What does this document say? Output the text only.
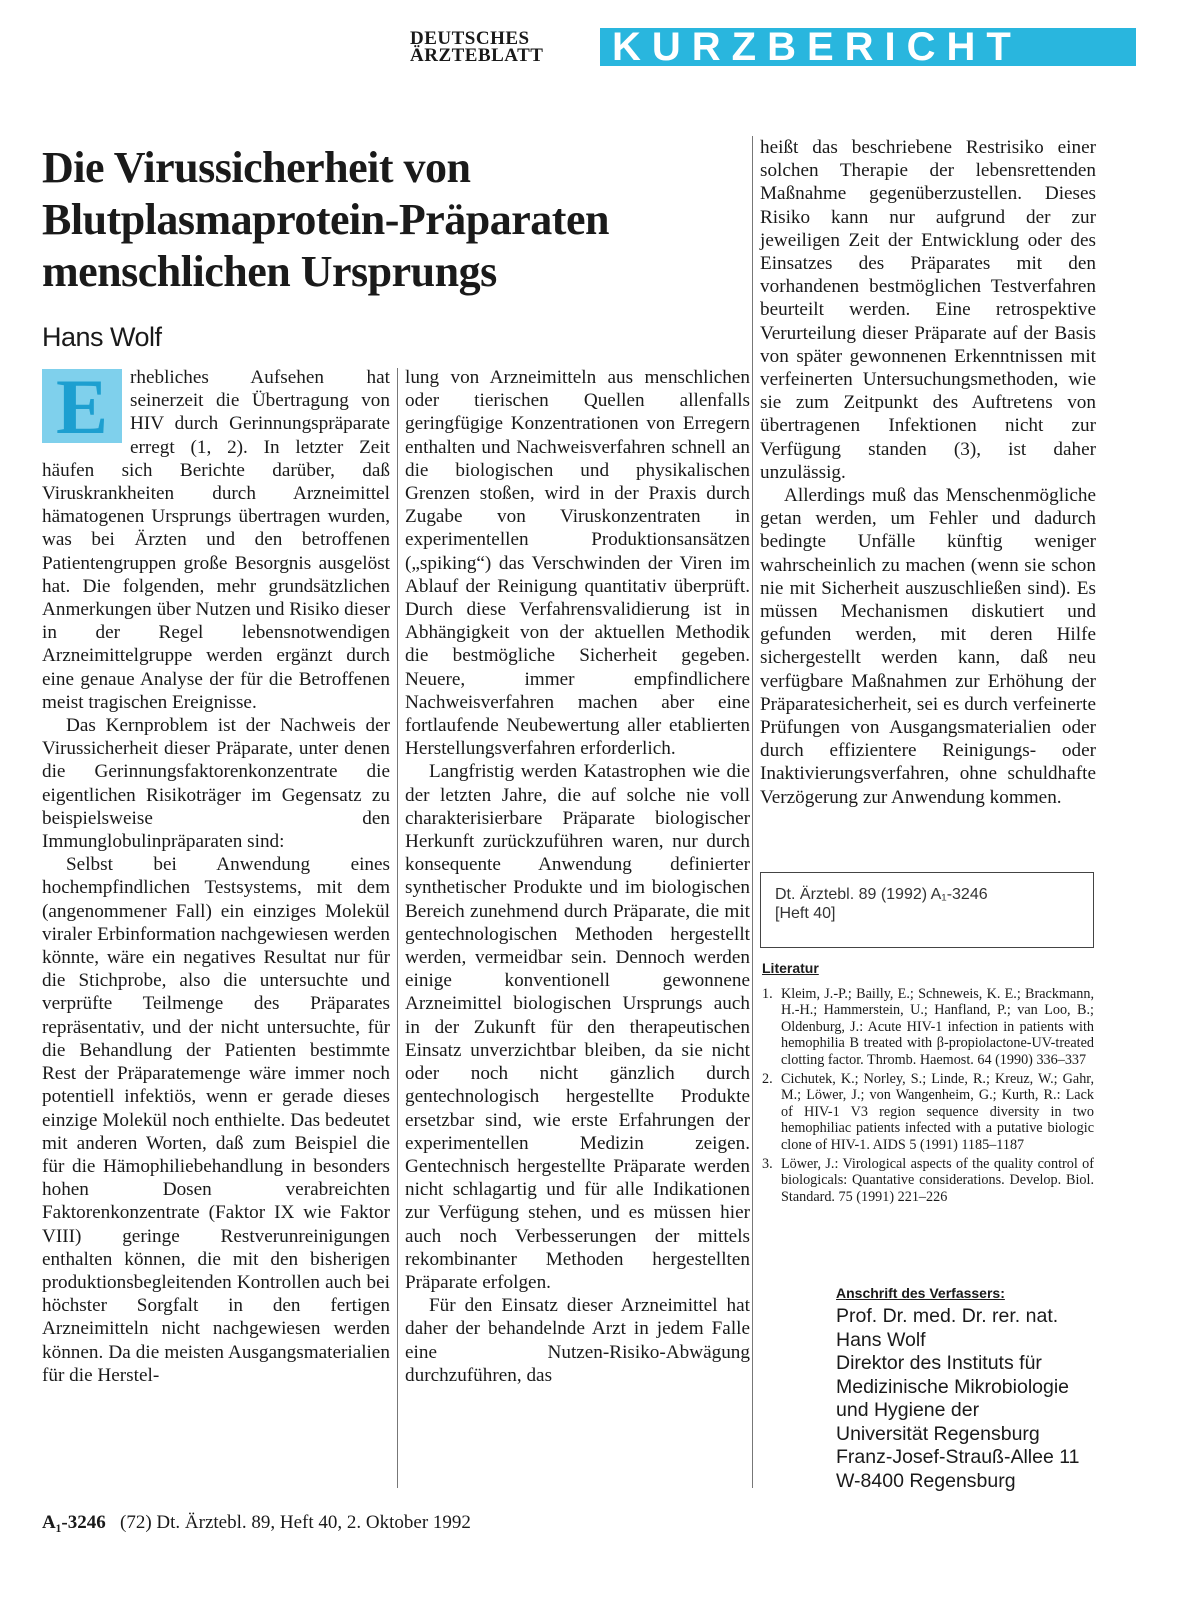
DEUTSCHES
ÄRZTEBLATT	KURZBERICHT
Die Virussicherheit von
Blutplasmaprotein-Präparaten
menschlichen Ursprungs
Hans Wolf

E	rhebliches Aufsehen hat seinerzeit die Übertragung von HIV durch Gerinnungspräparate erregt (1, 2). In letzter Zeit häufen sich Berichte darüber, daß Viruskrankheiten durch Arzneimittel hämatogenen Ursprungs übertragen wurden, was bei Ärzten und den betroffenen Patientengruppen große Besorgnis ausgelöst hat. Die folgenden, mehr grundsätzlichen Anmerkungen über Nutzen und Risiko dieser in der Regel lebensnotwendigen Arzneimittelgruppe werden ergänzt durch eine genaue Analyse der für die Betroffenen meist tragischen Ereignisse.

Das Kernproblem ist der Nachweis der Virussicherheit dieser Präparate, unter denen die Gerinnungsfaktorenkonzentrate die eigentlichen Risikoträger im Gegensatz zu beispielsweise den Immunglobulinpräparaten sind:

Selbst bei Anwendung eines hochempfindlichen Testsystems, mit dem (angenommener Fall) ein einziges Molekül viraler Erbinformation nachgewiesen werden könnte, wäre ein negatives Resultat nur für die Stichprobe, also die untersuchte und verprüfte Teilmenge des Präparates repräsentativ, und der nicht untersuchte, für die Behandlung der Patienten bestimmte Rest der Präparatemenge wäre immer noch potentiell infektiös, wenn er gerade dieses einzige Molekül noch enthielte. Das bedeutet mit anderen Worten, daß zum Beispiel die für die Hämophiliebehandlung in besonders hohen Dosen verabreichten Faktorenkonzentrate (Faktor IX wie Faktor VIII) geringe Restverunreinigungen enthalten können, die mit den bisherigen produktionsbegleitenden Kontrollen auch bei höchster Sorgfalt in den fertigen Arzneimitteln nicht nachgewiesen werden können. Da die meisten Ausgangsmaterialien für die Herstel-

lung von Arzneimitteln aus menschlichen oder tierischen Quellen allenfalls geringfügige Konzentrationen von Erregern enthalten und Nachweisverfahren schnell an die biologischen und physikalischen Grenzen stoßen, wird in der Praxis durch Zugabe von Viruskonzentraten in experimentellen Produktionsansätzen („spiking“) das Verschwinden der Viren im Ablauf der Reinigung quantitativ überprüft. Durch diese Verfahrensvalidierung ist in Abhängigkeit von der aktuellen Methodik die bestmögliche Sicherheit gegeben. Neuere, immer empfindlichere Nachweisverfahren machen aber eine fortlaufende Neubewertung aller etablierten Herstellungsverfahren erforderlich.

Langfristig werden Katastrophen wie die der letzten Jahre, die auf solche nie voll charakterisierbare Präparate biologischer Herkunft zurückzuführen waren, nur durch konsequente Anwendung definierter synthetischer Produkte und im biologischen Bereich zunehmend durch Präparate, die mit gentechnologischen Methoden hergestellt werden, vermeidbar sein. Dennoch werden einige konventionell gewonnene Arzneimittel biologischen Ursprungs auch in der Zukunft für den therapeutischen Einsatz unverzichtbar bleiben, da sie nicht oder noch nicht gänzlich durch gentechnologisch hergestellte Produkte ersetzbar sind, wie erste Erfahrungen der experimentellen Medizin zeigen. Gentechnisch hergestellte Präparate werden nicht schlagartig und für alle Indikationen zur Verfügung stehen, und es müssen hier auch noch Verbesserungen der mittels rekombinanter Methoden hergestellten Präparate erfolgen.

Für den Einsatz dieser Arzneimittel hat daher der behandelnde Arzt in jedem Falle eine Nutzen-Risiko-Abwägung durchzuführen, das

heißt das beschriebene Restrisiko einer solchen Therapie der lebensrettenden Maßnahme gegenüberzustellen. Dieses Risiko kann nur aufgrund der zur jeweiligen Zeit der Entwicklung oder des Einsatzes des Präparates mit den vorhandenen bestmöglichen Testverfahren beurteilt werden. Eine retrospektive Verurteilung dieser Präparate auf der Basis von später gewonnenen Erkenntnissen mit verfeinerten Untersuchungsmethoden, wie sie zum Zeitpunkt des Auftretens von übertragenen Infektionen nicht zur Verfügung standen (3), ist daher unzulässig.

Allerdings muß das Menschenmögliche getan werden, um Fehler und dadurch bedingte Unfälle künftig weniger wahrscheinlich zu machen (wenn sie schon nie mit Sicherheit auszuschließen sind). Es müssen Mechanismen diskutiert und gefunden werden, mit deren Hilfe sichergestellt werden kann, daß neu verfügbare Maßnahmen zur Erhöhung der Präparatesicherheit, sei es durch verfeinerte Prüfungen von Ausgangsmaterialien oder durch effizientere Reinigungs- oder Inaktivierungsverfahren, ohne schuldhafte Verzögerung zur Anwendung kommen.

Dt. Ärztebl. 89 (1992) A₁-3246
[Heft 40]
Literatur
1. Kleim, J.-P.; Bailly, E.; Schneweis, K. E.; Brackmann, H.-H.; Hammerstein, U.; Hanfland, P.; van Loo, B.; Oldenburg, J.: Acute HIV-1 infection in patients with hemophilia B treated with β-propiolactone-UV-treated clotting factor. Thromb. Haemost. 64 (1990) 336–337
2. Cichutek, K.; Norley, S.; Linde, R.; Kreuz, W.; Gahr, M.; Löwer, J.; von Wangenheim, G.; Kurth, R.: Lack of HIV-1 V3 region sequence diversity in two hemophiliac patients infected with a putative biologic clone of HIV-1. AIDS 5 (1991) 1185–1187
3. Löwer, J.: Virological aspects of the quality control of biologicals: Quantative considerations. Develop. Biol. Standard. 75 (1991) 221–226
Anschrift des Verfassers:
Prof. Dr. med. Dr. rer. nat.
Hans Wolf
Direktor des Instituts für
Medizinische Mikrobiologie
und Hygiene der
Universität Regensburg
Franz-Josef-Strauß-Allee 11
W-8400 Regensburg
A₁-3246 (72) Dt. Ärztebl. 89, Heft 40, 2. Oktober 1992
